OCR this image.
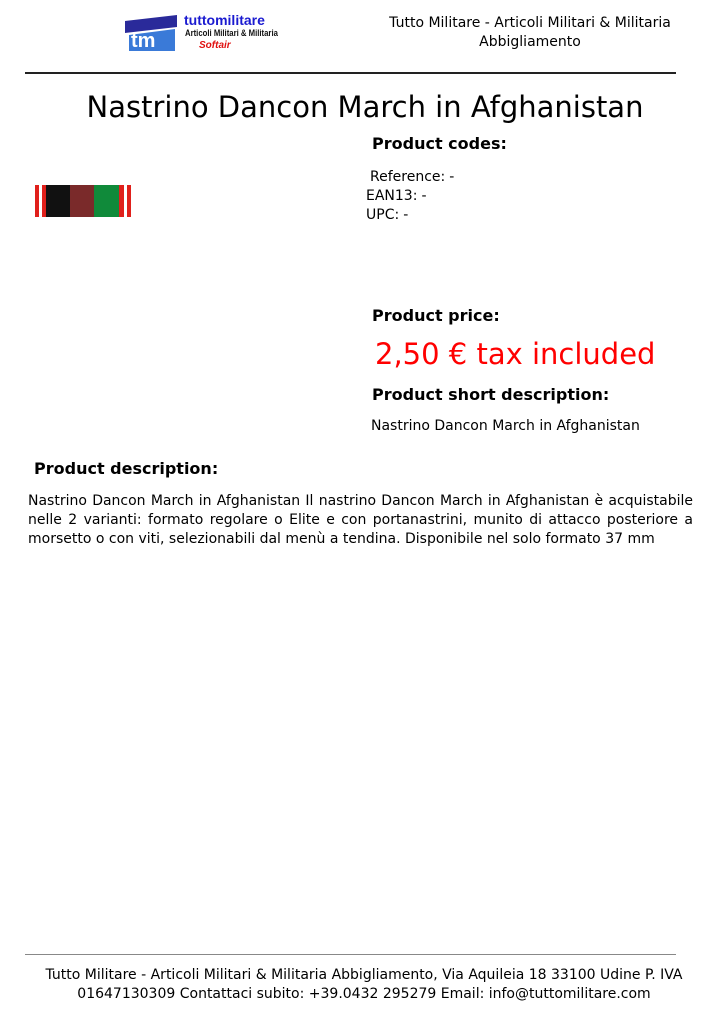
tm
tuttomilitare
Articoli Militari & Militaria
Softair
Tutto Militare - Articoli Militari & Militaria Abbigliamento
Nastrino Dancon March in Afghanistan
Product codes:
Reference: -
EAN13: -
UPC: -
Product price:
2,50 € tax included
Product short description:
Nastrino Dancon March in Afghanistan
Product description:

Nastrino Dancon March in Afghanistan Il nastrino Dancon March in Afghanistan è acquistabile nelle 2 varianti: formato regolare o Elite e con portanastrini, munito di attacco posteriore a morsetto o con viti, selezionabili dal menù a tendina. Disponibile nel solo formato 37 mm

Tutto Militare - Articoli Militari & Militaria Abbigliamento, Via Aquileia 18 33100 Udine P. IVA 01647130309 Contattaci subito: +39.0432 295279 Email: info@tuttomilitare.com
